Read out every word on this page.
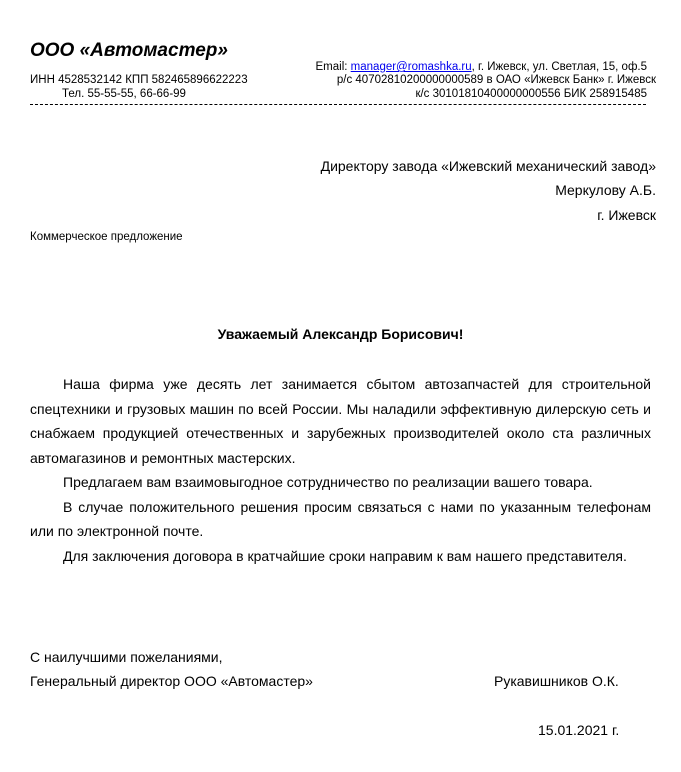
ООО «Автомастер»
ИНН 4528532142 КПП 582465896622223
Тел. 55-55-55, 66-66-99
Email: manager@romashka.ru, г. Ижевск, ул. Светлая, 15, оф.5
р/с 40702810200000000589 в ОАО «Ижевск Банк» г. Ижевск
к/с 30101810400000000556 БИК 258915485
Директору завода «Ижевский механический завод»
Меркулову А.Б.
г. Ижевск
Коммерческое предложение
Уважаемый Александр Борисович!

Наша фирма уже десять лет занимается сбытом автозапчастей для строительной спецтехники и грузовых машин по всей России. Мы наладили эффективную дилерскую сеть и снабжаем продукцией отечественных и зарубежных производителей около ста различных автомагазинов и ремонтных мастерских.

Предлагаем вам взаимовыгодное сотрудничество по реализации вашего товара.

В случае положительного решения просим связаться с нами по указанным телефонам или по электронной почте.

Для заключения договора в кратчайшие сроки направим к вам нашего представителя.

С наилучшими пожеланиями,
Генеральный директор ООО «Автомастер»	Рукавишников О.К.
15.01.2021 г.
